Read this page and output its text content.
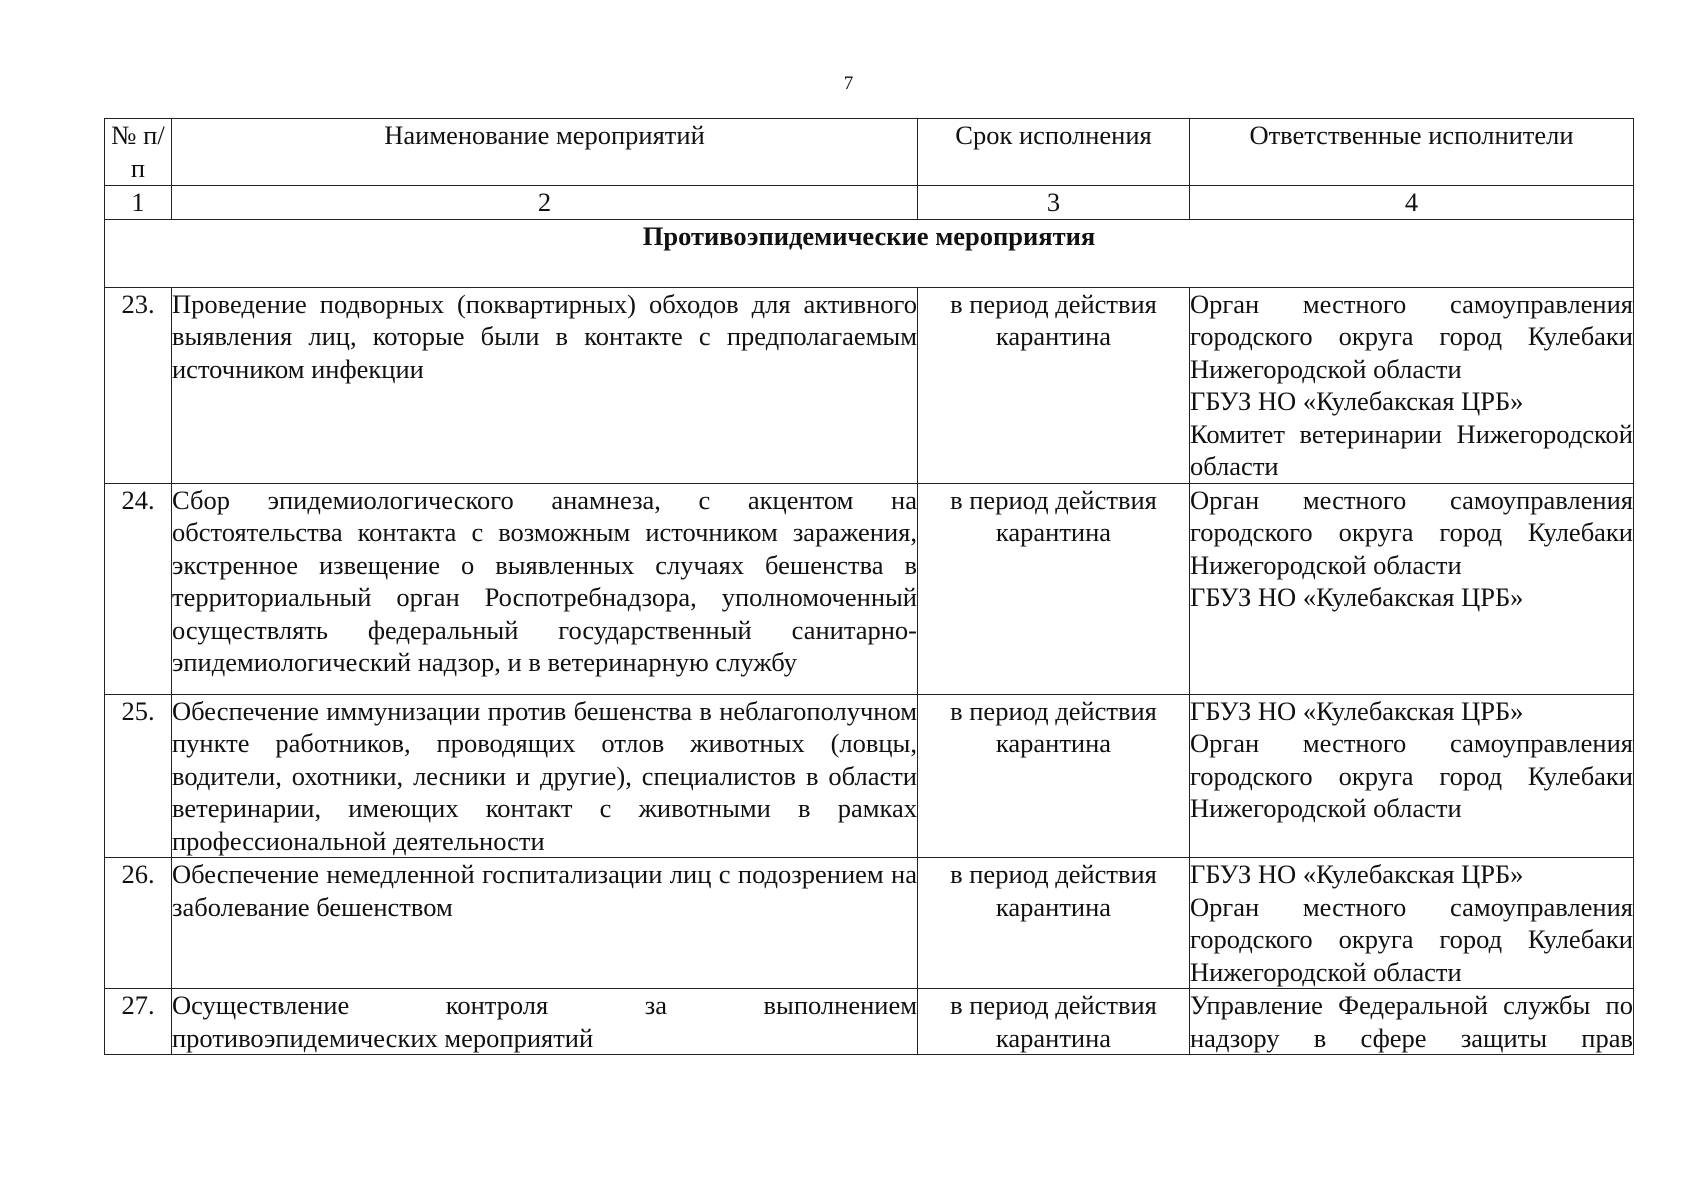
7
№ п/п	Наименование мероприятий	Срок исполнения	Ответственные исполнители
1	2	3	4
Противоэпидемические мероприятия			
23.	Проведение подворных (поквартирных) обходов для активного выявления лиц, которые были в контакте с предполагаемым источником инфекции	в период действия карантина	Орган местного самоуправления городского округа город Кулебаки Нижегородской области
ГБУЗ НО «Кулебакская ЦРБ»
Комитет ветеринарии Нижегородской области

24.	Сбор эпидемиологического анамнеза, с акцентом на обстоятельства контакта с возможным источником заражения, экстренное извещение о выявленных случаях бешенства в территориальный орган Роспотребнадзора, уполномоченный осуществлять федеральный государственный санитарно-эпидемиологический надзор, и в ветеринарную службу	в период действия карантина	Орган местного самоуправления городского округа город Кулебаки Нижегородской области
ГБУЗ НО «Кулебакская ЦРБ»

25.	Обеспечение иммунизации против бешенства в неблагополучном пункте работников, проводящих отлов животных (ловцы, водители, охотники, лесники и другие), специалистов в области ветеринарии, имеющих контакт с животными в рамках профессиональной деятельности	в период действия карантина	ГБУЗ НО «Кулебакская ЦРБ»
Орган местного самоуправления городского округа город Кулебаки Нижегородской области

26.	Обеспечение немедленной госпитализации лиц с подозрением на заболевание бешенством	в период действия карантина	ГБУЗ НО «Кулебакская ЦРБ»
Орган местного самоуправления городского округа город Кулебаки Нижегородской области

27.	Осуществление контроля за выполнением противоэпидемических мероприятий	в период действия карантина	Управление Федеральной службы по надзору в сфере защиты прав
